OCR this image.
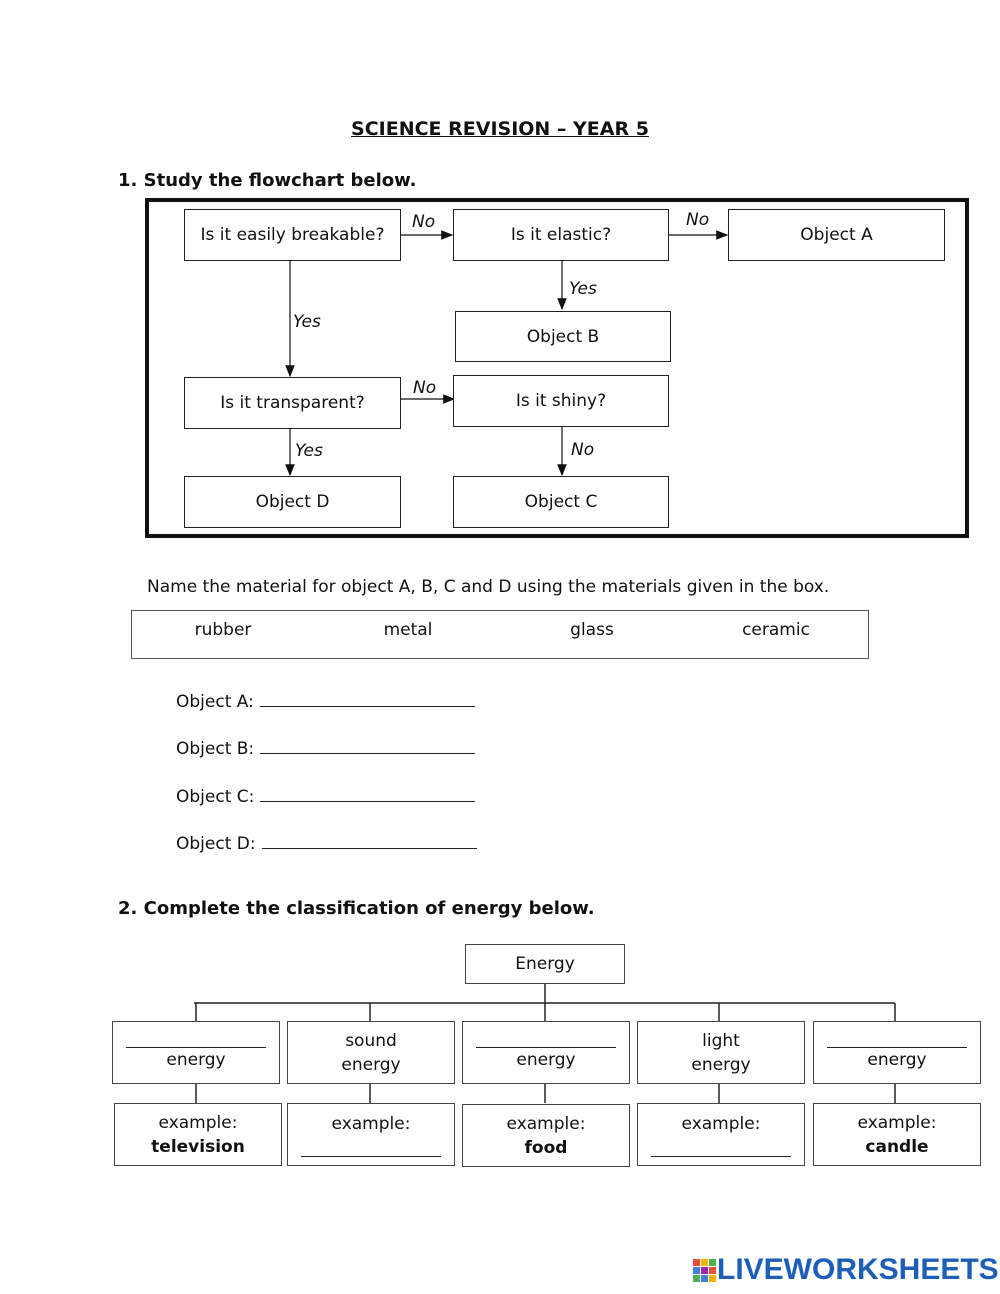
SCIENCE REVISION – YEAR 5
1. Study the flowchart below.
Is it easily breakable?	Is it elastic?	Object A
Object B
Is it transparent?	Is it shiny?
Object D	Object C
No	No
Yes
Yes
No
Yes	No
Name the material for object A, B, C and D using the materials given in the box.
rubber	metal	glass	ceramic
Object A:
Object B:
Object C:
Object D:
2. Complete the classification of energy below.
Energy
energy
sound
energy	energy
light
energy	energy
example:
television
example:	example:
food
example:	example:
candle
LIVEWORKSHEETS
